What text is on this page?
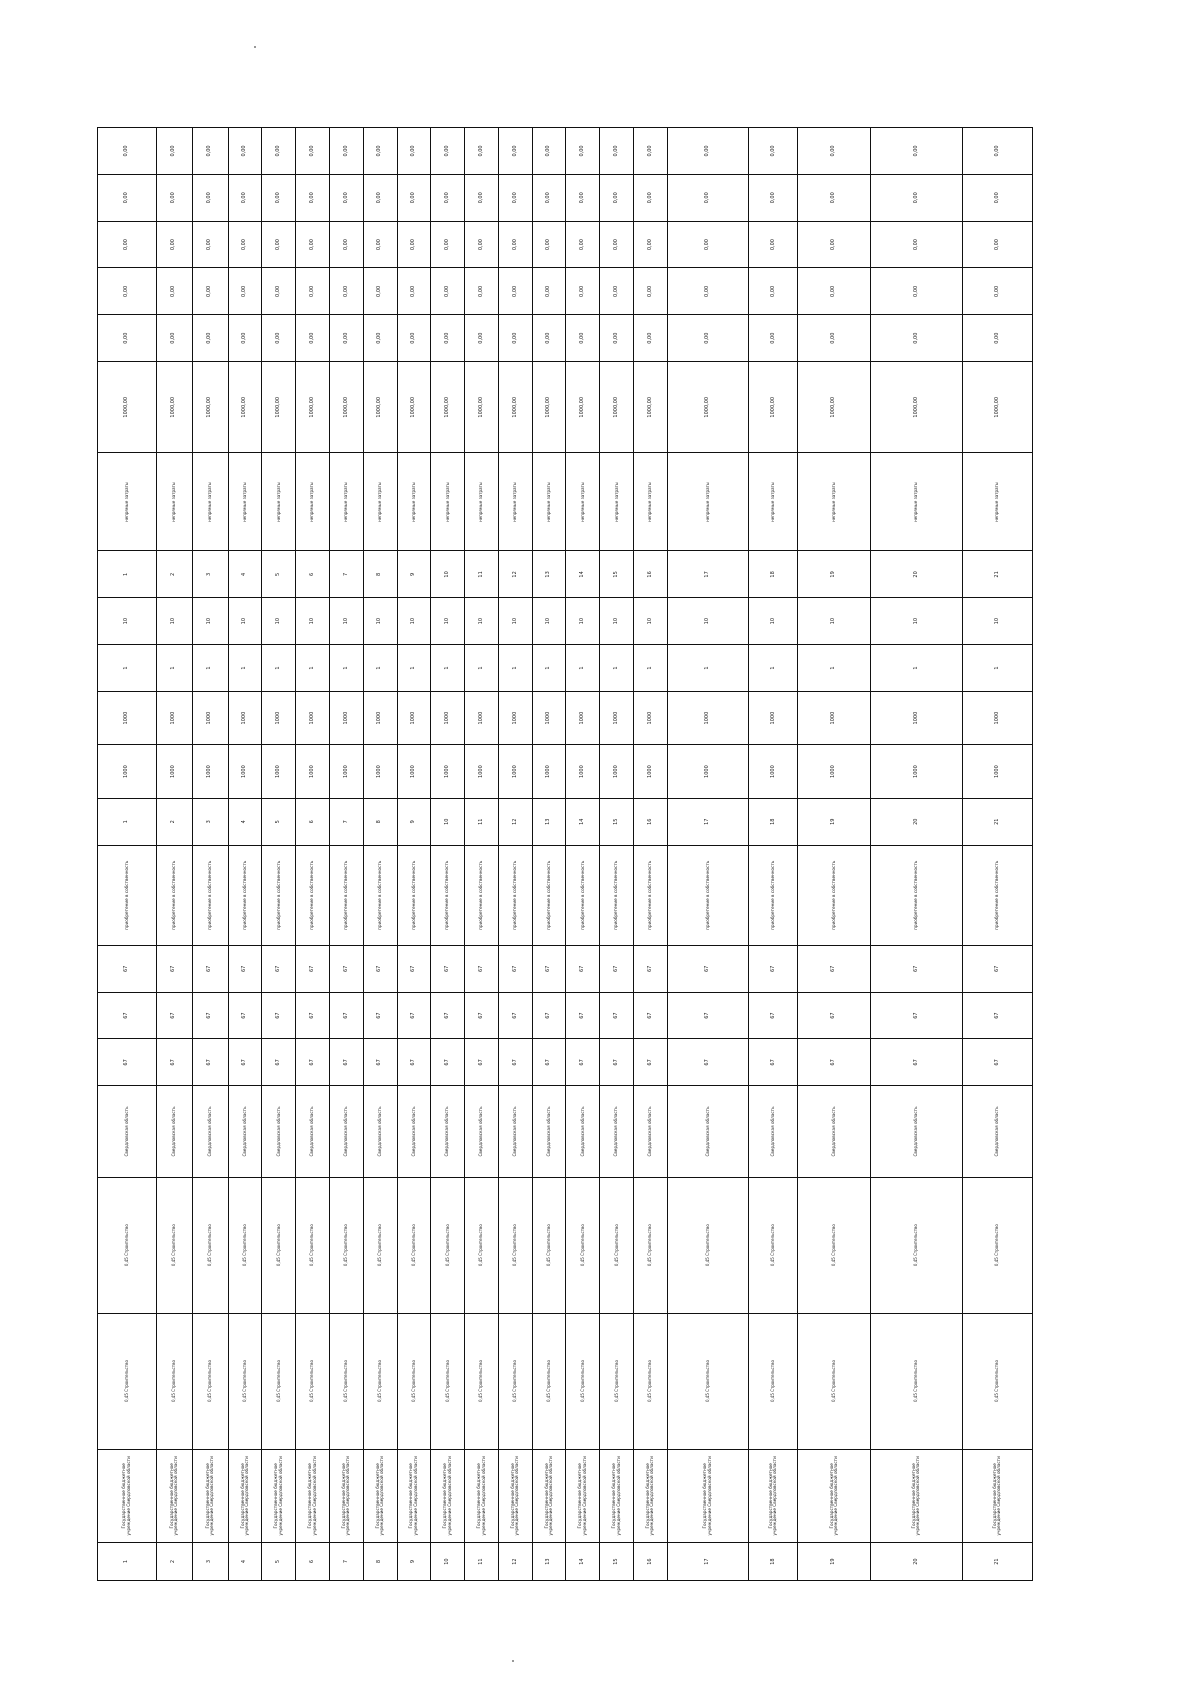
1	Государственное бюджетное учреждение Свердловской области	0,45 Строительство	0,45 Строительство	Свердловская область	67	67	67	приобретение в собственность	1	1000	1000	1	10	1	непрямые затраты	1000,00	0,00	0,00	0,00	0,00	0,00
2	Государственное бюджетное учреждение Свердловской области	0,45 Строительство	0,45 Строительство	Свердловская область	67	67	67	приобретение в собственность	2	1000	1000	1	10	2	непрямые затраты	1000,00	0,00	0,00	0,00	0,00	0,00
3	Государственное бюджетное учреждение Свердловской области	0,45 Строительство	0,45 Строительство	Свердловская область	67	67	67	приобретение в собственность	3	1000	1000	1	10	3	непрямые затраты	1000,00	0,00	0,00	0,00	0,00	0,00
4	Государственное бюджетное учреждение Свердловской области	0,45 Строительство	0,45 Строительство	Свердловская область	67	67	67	приобретение в собственность	4	1000	1000	1	10	4	непрямые затраты	1000,00	0,00	0,00	0,00	0,00	0,00
5	Государственное бюджетное учреждение Свердловской области	0,45 Строительство	0,45 Строительство	Свердловская область	67	67	67	приобретение в собственность	5	1000	1000	1	10	5	непрямые затраты	1000,00	0,00	0,00	0,00	0,00	0,00
6	Государственное бюджетное учреждение Свердловской области	0,45 Строительство	0,45 Строительство	Свердловская область	67	67	67	приобретение в собственность	6	1000	1000	1	10	6	непрямые затраты	1000,00	0,00	0,00	0,00	0,00	0,00
7	Государственное бюджетное учреждение Свердловской области	0,45 Строительство	0,45 Строительство	Свердловская область	67	67	67	приобретение в собственность	7	1000	1000	1	10	7	непрямые затраты	1000,00	0,00	0,00	0,00	0,00	0,00
8	Государственное бюджетное учреждение Свердловской области	0,45 Строительство	0,45 Строительство	Свердловская область	67	67	67	приобретение в собственность	8	1000	1000	1	10	8	непрямые затраты	1000,00	0,00	0,00	0,00	0,00	0,00
9	Государственное бюджетное учреждение Свердловской области	0,45 Строительство	0,45 Строительство	Свердловская область	67	67	67	приобретение в собственность	9	1000	1000	1	10	9	непрямые затраты	1000,00	0,00	0,00	0,00	0,00	0,00
10	Государственное бюджетное учреждение Свердловской области	0,45 Строительство	0,45 Строительство	Свердловская область	67	67	67	приобретение в собственность	10	1000	1000	1	10	10	непрямые затраты	1000,00	0,00	0,00	0,00	0,00	0,00
11	Государственное бюджетное учреждение Свердловской области	0,45 Строительство	0,45 Строительство	Свердловская область	67	67	67	приобретение в собственность	11	1000	1000	1	10	11	непрямые затраты	1000,00	0,00	0,00	0,00	0,00	0,00
12	Государственное бюджетное учреждение Свердловской области	0,45 Строительство	0,45 Строительство	Свердловская область	67	67	67	приобретение в собственность	12	1000	1000	1	10	12	непрямые затраты	1000,00	0,00	0,00	0,00	0,00	0,00
13	Государственное бюджетное учреждение Свердловской области	0,45 Строительство	0,45 Строительство	Свердловская область	67	67	67	приобретение в собственность	13	1000	1000	1	10	13	непрямые затраты	1000,00	0,00	0,00	0,00	0,00	0,00
14	Государственное бюджетное учреждение Свердловской области	0,45 Строительство	0,45 Строительство	Свердловская область	67	67	67	приобретение в собственность	14	1000	1000	1	10	14	непрямые затраты	1000,00	0,00	0,00	0,00	0,00	0,00
15	Государственное бюджетное учреждение Свердловской области	0,45 Строительство	0,45 Строительство	Свердловская область	67	67	67	приобретение в собственность	15	1000	1000	1	10	15	непрямые затраты	1000,00	0,00	0,00	0,00	0,00	0,00
16	Государственное бюджетное учреждение Свердловской области	0,45 Строительство	0,45 Строительство	Свердловская область	67	67	67	приобретение в собственность	16	1000	1000	1	10	16	непрямые затраты	1000,00	0,00	0,00	0,00	0,00	0,00
17	Государственное бюджетное учреждение Свердловской области	0,45 Строительство	0,45 Строительство	Свердловская область	67	67	67	приобретение в собственность	17	1000	1000	1	10	17	непрямые затраты	1000,00	0,00	0,00	0,00	0,00	0,00
18	Государственное бюджетное учреждение Свердловской области	0,45 Строительство	0,45 Строительство	Свердловская область	67	67	67	приобретение в собственность	18	1000	1000	1	10	18	непрямые затраты	1000,00	0,00	0,00	0,00	0,00	0,00
19	Государственное бюджетное учреждение Свердловской области	0,45 Строительство	0,45 Строительство	Свердловская область	67	67	67	приобретение в собственность	19	1000	1000	1	10	19	непрямые затраты	1000,00	0,00	0,00	0,00	0,00	0,00
20	Государственное бюджетное учреждение Свердловской области	0,45 Строительство	0,45 Строительство	Свердловская область	67	67	67	приобретение в собственность	20	1000	1000	1	10	20	непрямые затраты	1000,00	0,00	0,00	0,00	0,00	0,00
21	Государственное бюджетное учреждение Свердловской области	0,45 Строительство	0,45 Строительство	Свердловская область	67	67	67	приобретение в собственность	21	1000	1000	1	10	21	непрямые затраты	1000,00	0,00	0,00	0,00	0,00	0,00
